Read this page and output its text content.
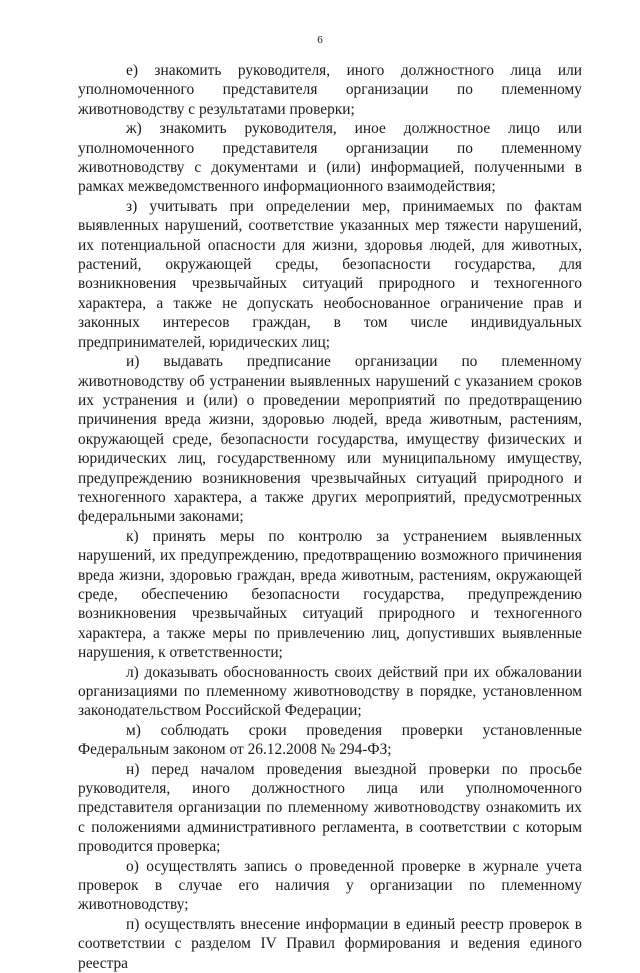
6

е) знакомить руководителя, иного должностного лица или уполномоченного представителя организации по племенному животноводству с результатами проверки;

ж) знакомить руководителя, иное должностное лицо или уполномоченного представителя организации по племенному животноводству с документами и (или) информацией, полученными в рамках межведомственного информационного взаимодействия;

з) учитывать при определении мер, принимаемых по фактам выявленных нарушений, соответствие указанных мер тяжести нарушений, их потенциальной опасности для жизни, здоровья людей, для животных, растений, окружающей среды, безопасности государства, для возникновения чрезвычайных ситуаций природного и техногенного характера, а также не допускать необоснованное ограничение прав и законных интересов граждан, в том числе индивидуальных предпринимателей, юридических лиц;

и) выдавать предписание организации по племенному животноводству об устранении выявленных нарушений с указанием сроков их устранения и (или) о проведении мероприятий по предотвращению причинения вреда жизни, здоровью людей, вреда животным, растениям, окружающей среде, безопасности государства, имуществу физических и юридических лиц, государственному или муниципальному имуществу, предупреждению возникновения чрезвычайных ситуаций природного и техногенного характера, а также других мероприятий, предусмотренных федеральными законами;

к) принять меры по контролю за устранением выявленных нарушений, их предупреждению, предотвращению возможного причинения вреда жизни, здоровью граждан, вреда животным, растениям, окружающей среде, обеспечению безопасности государства, предупреждению возникновения чрезвычайных ситуаций природного и техногенного характера, а также меры по привлечению лиц, допустивших выявленные нарушения, к ответственности;

л) доказывать обоснованность своих действий при их обжаловании организациями по племенному животноводству в порядке, установленном законодательством Российской Федерации;

м) соблюдать сроки проведения проверки установленные Федеральным законом от 26.12.2008 № 294-ФЗ;

н) перед началом проведения выездной проверки по просьбе руководителя, иного должностного лица или уполномоченного представителя организации по племенному животноводству ознакомить их с положениями административного регламента, в соответствии с которым проводится проверка;

о) осуществлять запись о проведенной проверке в журнале учета проверок в случае его наличия у организации по племенному животноводству;

п) осуществлять внесение информации в единый реестр проверок в соответствии с разделом IV Правил формирования и ведения единого реестра
